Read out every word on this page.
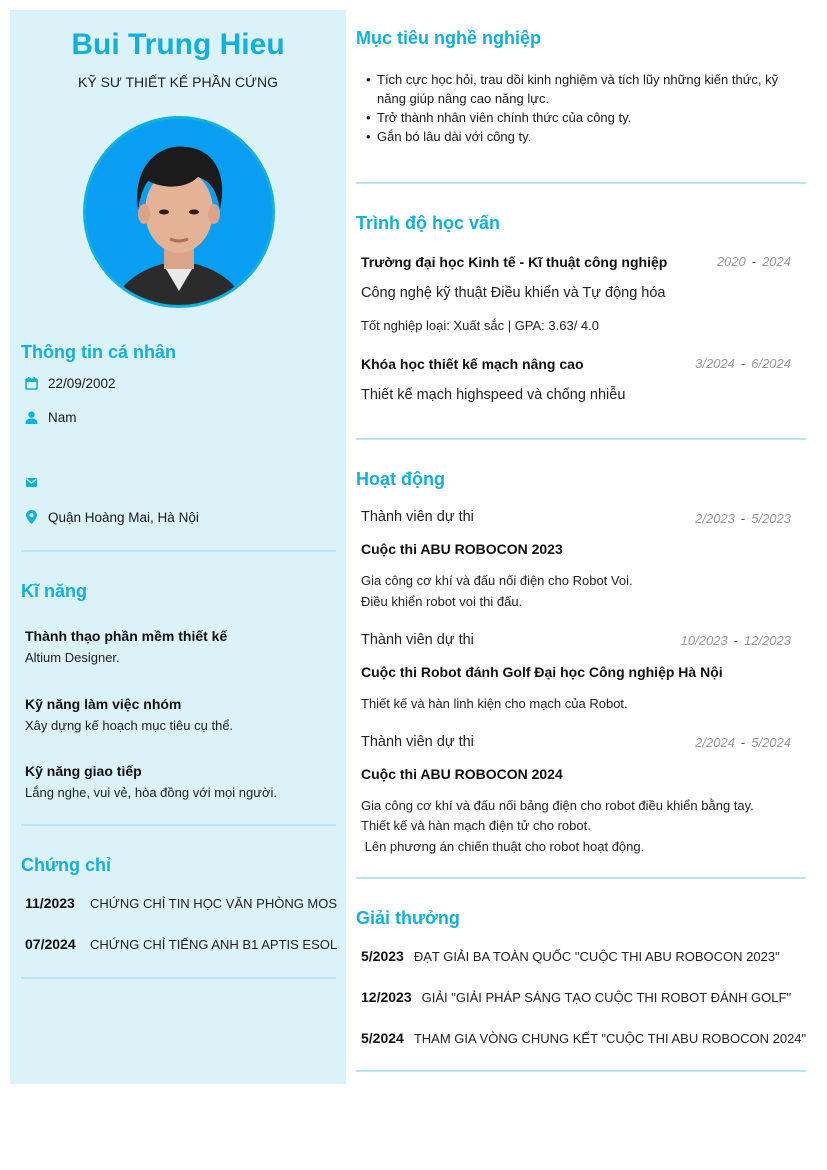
Bui Trung Hieu
KỸ SƯ THIẾT KẾ PHẦN CỨNG
Thông tin cá nhân
22/09/2002
Nam
Quận Hoàng Mai, Hà Nội
Kĩ năng
Thành thạo phần mềm thiết kế
Altium Designer.
Kỹ năng làm việc nhóm
Xây dựng kế hoạch mục tiêu cụ thể.
Kỹ năng giao tiếp
Lắng nghe, vui vẻ, hòa đồng với mọi người.
Chứng chỉ
11/2023	CHỨNG CHỈ TIN HỌC VĂN PHÒNG MOS
07/2024	CHỨNG CHỈ TIẾNG ANH B1 APTIS ESOL
Mục tiêu nghề nghiệp
• Tích cực học hỏi, trau dồi kinh nghiệm và tích lũy những kiến thức, kỹ năng giúp nâng cao năng lực.
• Trở thành nhân viên chính thức của công ty.
• Gắn bó lâu dài với công ty.
Trình độ học vấn
Trường đại học Kinh tế - Kĩ thuật công nghiệp	2020 - 2024
Công nghệ kỹ thuật Điều khiển và Tự động hóa
Tốt nghiệp loại: Xuất sắc | GPA: 3.63/ 4.0
Khóa học thiết kế mạch nâng cao	3/2024 - 6/2024
Thiết kế mạch highspeed và chống nhiễu
Hoạt động
Thành viên dự thi	2/2023 - 5/2023
Cuộc thi ABU ROBOCON 2023
Gia công cơ khí và đấu nối điện cho Robot Voi.
Điều khiển robot voi thi đấu.
Thành viên dự thi	10/2023 - 12/2023
Cuộc thi Robot đánh Golf Đại học Công nghiệp Hà Nội
Thiết kế và hàn linh kiện cho mạch của Robot.
Thành viên dự thi	2/2024 - 5/2024
Cuộc thi ABU ROBOCON 2024
Gia công cơ khí và đấu nối bảng điện cho robot điều khiển bằng tay.
Thiết kế và hàn mạch điện tử cho robot.
Lên phương án chiến thuật cho robot hoạt động.
Giải thưởng
5/2023 ĐẠT GIẢI BA TOÀN QUỐC "CUỘC THI ABU ROBOCON 2023"
12/2023 GIẢI "GIẢI PHÁP SÁNG TẠO CUỘC THI ROBOT ĐÁNH GOLF"
5/2024 THAM GIA VÒNG CHUNG KẾT "CUỘC THI ABU ROBOCON 2024"
